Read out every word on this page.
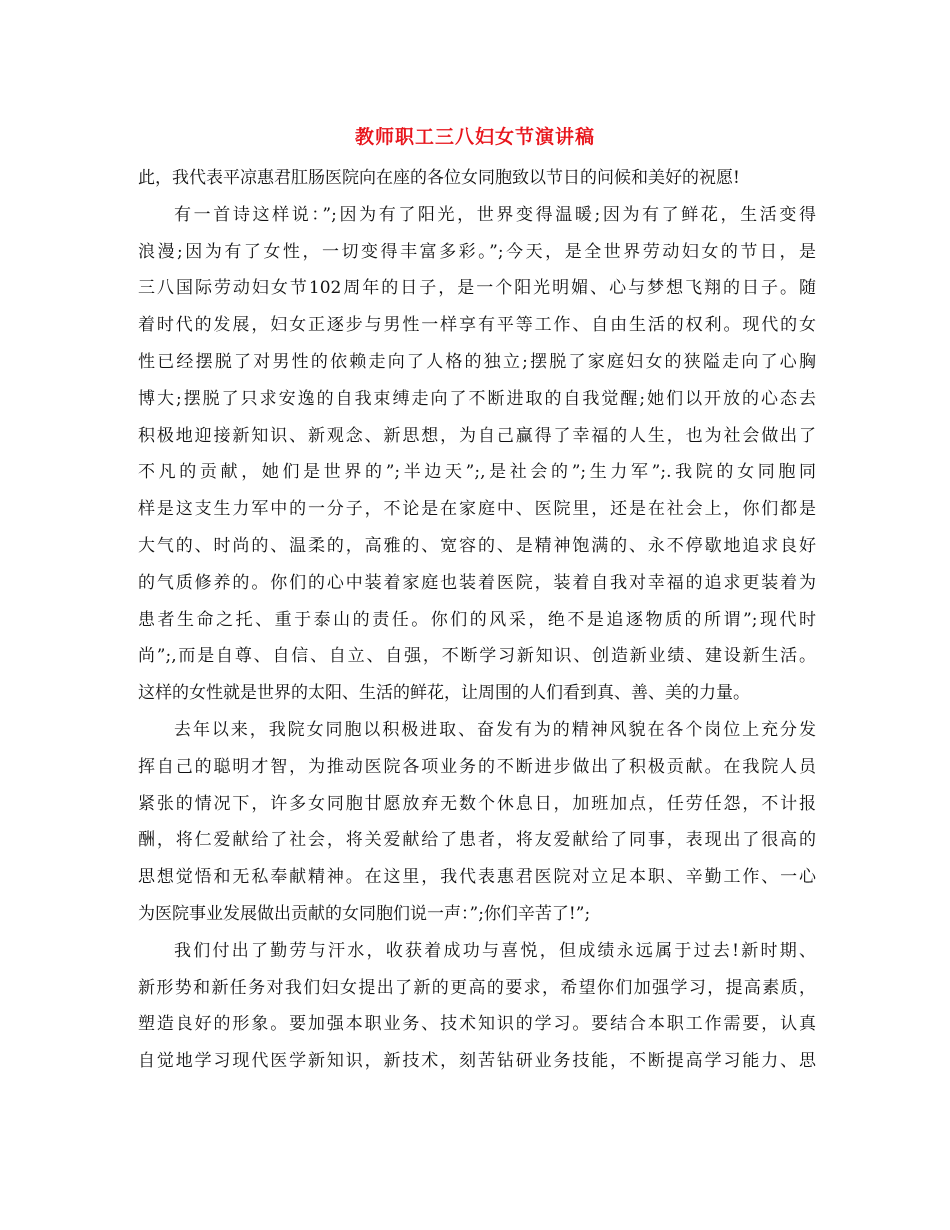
教师职工三八妇女节演讲稿
此，我代表平凉惠君肛肠医院向在座的各位女同胞致以节日的问候和美好的祝愿!
有一首诗这样说：”;因为有了阳光，世界变得温暖;因为有了鲜花，生活变得
浪漫;因为有了女性，一切变得丰富多彩。”;今天，是全世界劳动妇女的节日，是
三八国际劳动妇女节102周年的日子，是一个阳光明媚、心与梦想飞翔的日子。随
着时代的发展，妇女正逐步与男性一样享有平等工作、自由生活的权利。现代的女
性已经摆脱了对男性的依赖走向了人格的独立;摆脱了家庭妇女的狭隘走向了心胸
博大;摆脱了只求安逸的自我束缚走向了不断进取的自我觉醒;她们以开放的心态去
积极地迎接新知识、新观念、新思想，为自己赢得了幸福的人生，也为社会做出了
不凡的贡献，她们是世界的”;半边天”;,是社会的”;生力军”;.我院的女同胞同
样是这支生力军中的一分子，不论是在家庭中、医院里，还是在社会上，你们都是
大气的、时尚的、温柔的，高雅的、宽容的、是精神饱满的、永不停歇地追求良好
的气质修养的。你们的心中装着家庭也装着医院，装着自我对幸福的追求更装着为
患者生命之托、重于泰山的责任。你们的风采，绝不是追逐物质的所谓”;现代时
尚”;,而是自尊、自信、自立、自强，不断学习新知识、创造新业绩、建设新生活。
这样的女性就是世界的太阳、生活的鲜花，让周围的人们看到真、善、美的力量。
去年以来，我院女同胞以积极进取、奋发有为的精神风貌在各个岗位上充分发
挥自己的聪明才智，为推动医院各项业务的不断进步做出了积极贡献。在我院人员
紧张的情况下，许多女同胞甘愿放弃无数个休息日，加班加点，任劳任怨，不计报
酬，将仁爱献给了社会，将关爱献给了患者，将友爱献给了同事，表现出了很高的
思想觉悟和无私奉献精神。在这里，我代表惠君医院对立足本职、辛勤工作、一心
为医院事业发展做出贡献的女同胞们说一声：”;你们辛苦了!”;
我们付出了勤劳与汗水，收获着成功与喜悦，但成绩永远属于过去!新时期、
新形势和新任务对我们妇女提出了新的更高的要求，希望你们加强学习，提高素质，
塑造良好的形象。要加强本职业务、技术知识的学习。要结合本职工作需要，认真
自觉地学习现代医学新知识，新技术，刻苦钻研业务技能，不断提高学习能力、思
